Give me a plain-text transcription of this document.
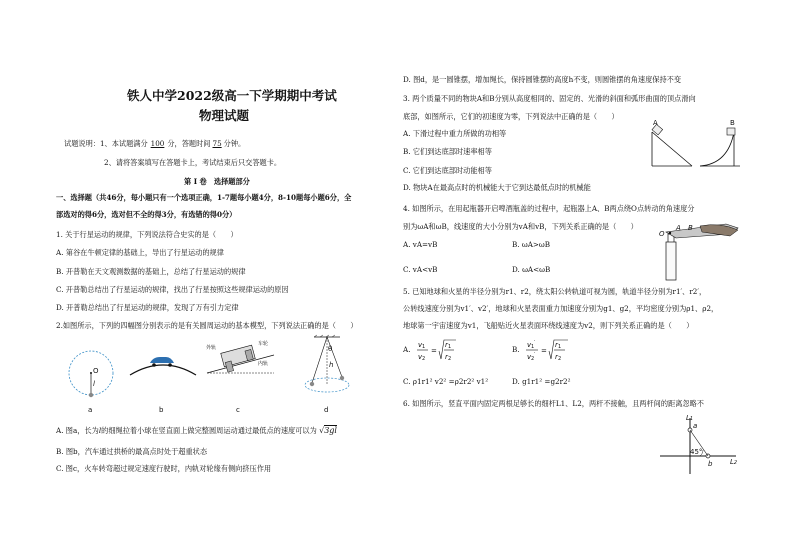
铁人中学2022级高一下学期期中考试
物理试题
试题说明：1、本试题满分 100 分，答题时间 75 分钟。
2、请将答案填写在答题卡上，考试结束后只交答题卡。
第 I 卷　选择题部分
一、选择题（共46分，每小题只有一个选项正确，1-7题每小题4分，8-10题每小题6分，全
部选对的得6分，选对但不全的得3分，有选错的得0分）
1. 关于行星运动的规律，下列说法符合史实的是（　　）
A. 第谷在牛顿定律的基础上，导出了行星运动的规律
B. 开普勒在天文观测数据的基础上，总结了行星运动的规律
C. 开普勒总结出了行星运动的规律，找出了行星按照这些规律运动的原因
D. 开普勒总结出了行星运动的规律，发现了万有引力定律
2.如图所示，下列的四幅图分别表示的是有关圆周运动的基本模型，下列说法正确的是（　　）
O
l
a	b
外轨
车轮
内轨
c
θ
h
d
A. 图a，长为l的细绳拉着小球在竖直面上做完整圆周运动通过最低点的速度可以为 √3gl
B. 图b，汽车通过拱桥的最高点时处于超重状态
C. 图c，火车转弯超过规定速度行驶时，内轨对轮缘有侧向挤压作用
D. 图d，是一圆锥摆，增加绳长，保持圆锥摆的高度h不变，则圆锥摆的角速度保持不变
3. 两个质量不同的物块A和B分别从高度相同的、固定的、光滑的斜面和弧形曲面的顶点滑向
底部，如图所示，它们的初速度为零，下列说法中正确的是（　　）
A. 下滑过程中重力所做的功相等
B. 它们到达底部时速率相等
C. 它们到达底部时动能相等
D. 物块A在最高点时的机械能大于它到达最低点时的机械能
A	B
4. 如图所示，在用起瓶器开启啤酒瓶盖的过程中，起瓶器上A、B两点绕O点转动的角速度分
别为ωA和ωB，线速度的大小分别为vA和vB，下列关系正确的是（　　）
A. vA=vB	B. ωA>ωB
C. vA<vB	D. ωA<ωB
O
A B
5. 已知地球和火星的半径分别为r1、r2，绕太阳公转轨道可视为圆，轨道半径分别为r1′、r2′，
公转线速度分别为v1′、v2′，地球和火星表面重力加速度分别为g1、g2，平均密度分别为ρ1、ρ2，
地球第一宇宙速度为v1，飞船贴近火星表面环绕线速度为v2，则下列关系正确的是（　　）
A. v 1
v 2
=
r 1
r 2
B. v 1
′
v 2
′ =
r 1
r 2
C. ρ1r1² v2² =ρ2r2² v1²	D. g1r1² =g2r2²
6. 如图所示，竖直平面内固定两根足够长的细杆L1、L2，两杆不接触，且两杆间的距离忽略不
L1
L2
a
b
45°
